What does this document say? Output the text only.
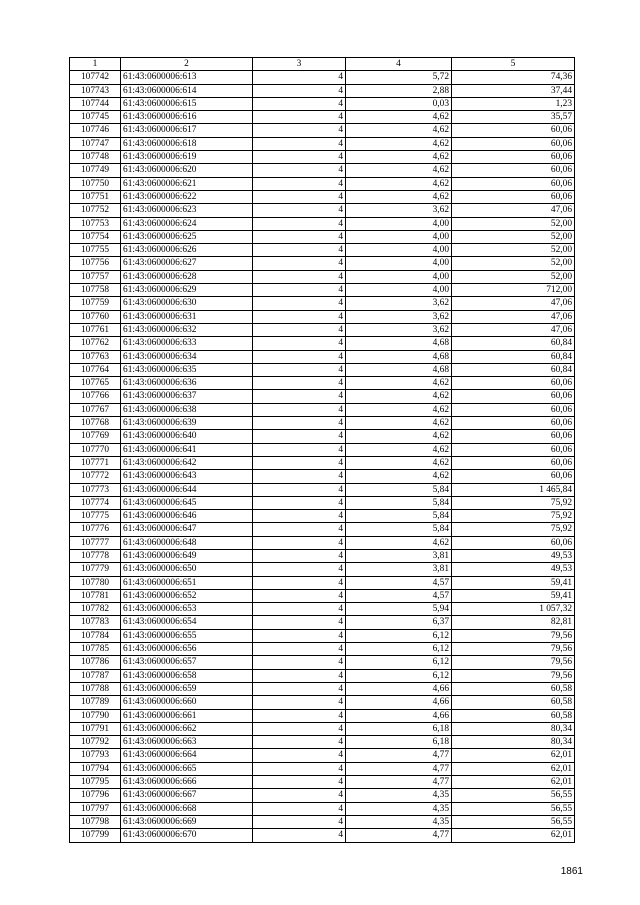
1	2	3	4	5
107742	61:43:0600006:613	4	5,72	74,36
107743	61:43:0600006:614	4	2,88	37,44
107744	61:43:0600006:615	4	0,03	1,23
107745	61:43:0600006:616	4	4,62	35,57
107746	61:43:0600006:617	4	4,62	60,06
107747	61:43:0600006:618	4	4,62	60,06
107748	61:43:0600006:619	4	4,62	60,06
107749	61:43:0600006:620	4	4,62	60,06
107750	61:43:0600006:621	4	4,62	60,06
107751	61:43:0600006:622	4	4,62	60,06
107752	61:43:0600006:623	4	3,62	47,06
107753	61:43:0600006:624	4	4,00	52,00
107754	61:43:0600006:625	4	4,00	52,00
107755	61:43:0600006:626	4	4,00	52,00
107756	61:43:0600006:627	4	4,00	52,00
107757	61:43:0600006:628	4	4,00	52,00
107758	61:43:0600006:629	4	4,00	712,00
107759	61:43:0600006:630	4	3,62	47,06
107760	61:43:0600006:631	4	3,62	47,06
107761	61:43:0600006:632	4	3,62	47,06
107762	61:43:0600006:633	4	4,68	60,84
107763	61:43:0600006:634	4	4,68	60,84
107764	61:43:0600006:635	4	4,68	60,84
107765	61:43:0600006:636	4	4,62	60,06
107766	61:43:0600006:637	4	4,62	60,06
107767	61:43:0600006:638	4	4,62	60,06
107768	61:43:0600006:639	4	4,62	60,06
107769	61:43:0600006:640	4	4,62	60,06
107770	61:43:0600006:641	4	4,62	60,06
107771	61:43:0600006:642	4	4,62	60,06
107772	61:43:0600006:643	4	4,62	60,06
107773	61:43:0600006:644	4	5,84	1 465,84
107774	61:43:0600006:645	4	5,84	75,92
107775	61:43:0600006:646	4	5,84	75,92
107776	61:43:0600006:647	4	5,84	75,92
107777	61:43:0600006:648	4	4,62	60,06
107778	61:43:0600006:649	4	3,81	49,53
107779	61:43:0600006:650	4	3,81	49,53
107780	61:43:0600006:651	4	4,57	59,41
107781	61:43:0600006:652	4	4,57	59,41
107782	61:43:0600006:653	4	5,94	1 057,32
107783	61:43:0600006:654	4	6,37	82,81
107784	61:43:0600006:655	4	6,12	79,56
107785	61:43:0600006:656	4	6,12	79,56
107786	61:43:0600006:657	4	6,12	79,56
107787	61:43:0600006:658	4	6,12	79,56
107788	61:43:0600006:659	4	4,66	60,58
107789	61:43:0600006:660	4	4,66	60,58
107790	61:43:0600006:661	4	4,66	60,58
107791	61:43:0600006:662	4	6,18	80,34
107792	61:43:0600006:663	4	6,18	80,34
107793	61:43:0600006:664	4	4,77	62,01
107794	61:43:0600006:665	4	4,77	62,01
107795	61:43:0600006:666	4	4,77	62,01
107796	61:43:0600006:667	4	4,35	56,55
107797	61:43:0600006:668	4	4,35	56,55
107798	61:43:0600006:669	4	4,35	56,55
107799	61:43:0600006:670	4	4,77	62,01
1861
